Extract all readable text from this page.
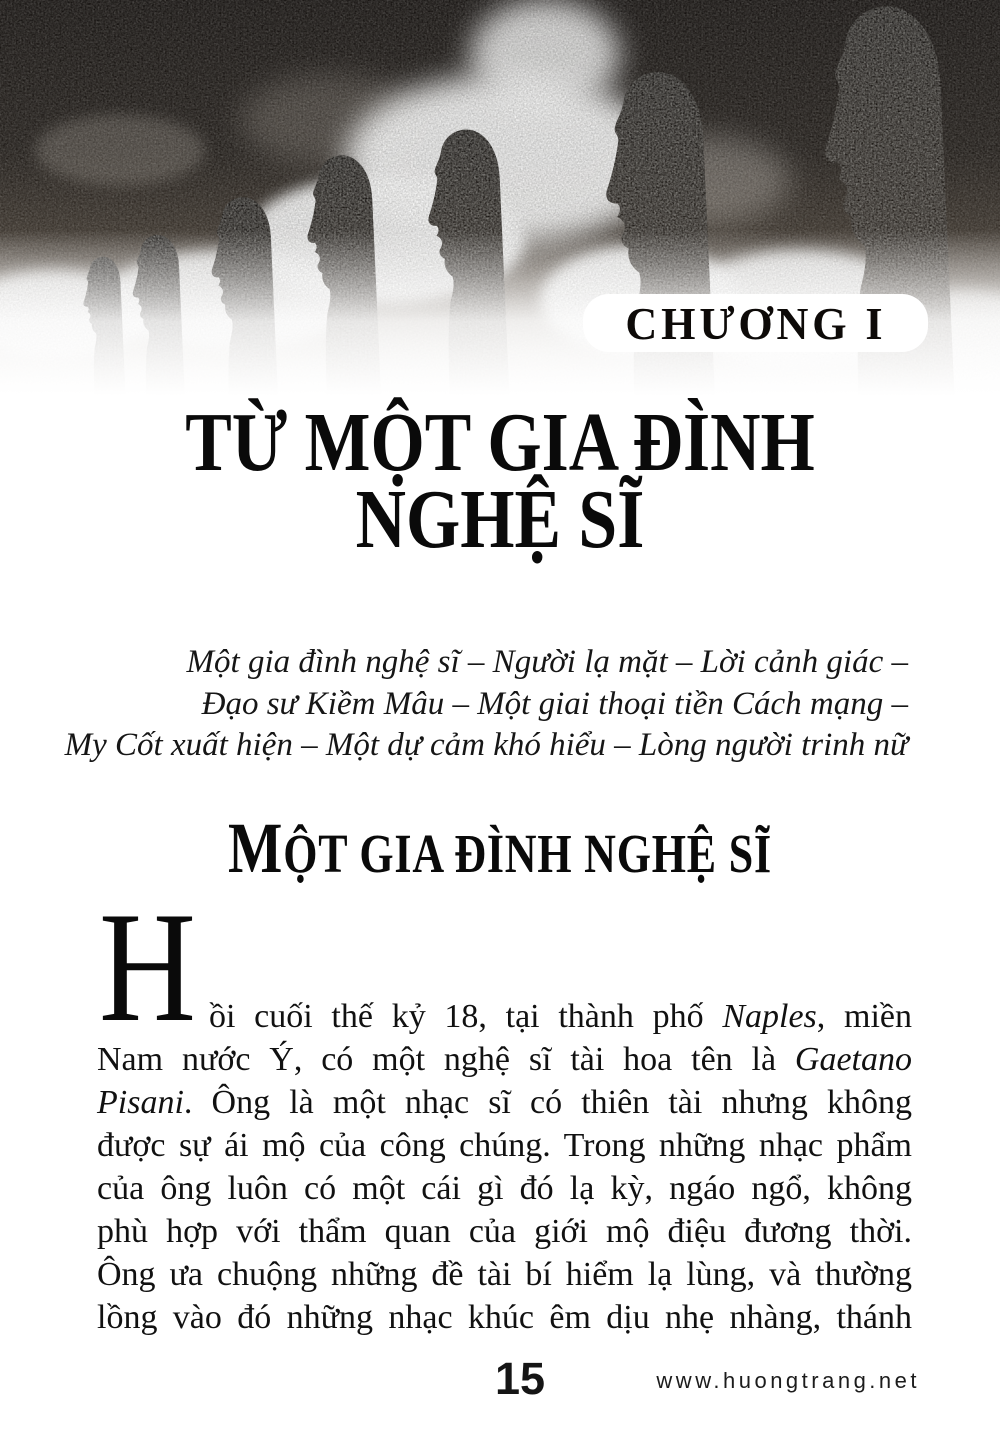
CHƯƠNG I
TỪ MỘT GIA ĐÌNH
NGHỆ SĨ
Một gia đình nghệ sĩ – Người lạ mặt – Lời cảnh giác –
Đạo sư Kiềm Mâu – Một giai thoại tiền Cách mạng –
My Cốt xuất hiện – Một dự cảm khó hiểu – Lòng người trinh nữ
MỘT GIA ĐÌNH NGHỆ SĨ
H ồi cuối thế kỷ 18, tại thành phố Naples, miền
Nam nước Ý, có một nghệ sĩ tài hoa tên là Gaetano
Pisani. Ông là một nhạc sĩ có thiên tài nhưng không
được sự ái mộ của công chúng. Trong những nhạc phẩm
của ông luôn có một cái gì đó lạ kỳ, ngáo ngổ, không
phù hợp với thẩm quan của giới mộ điệu đương thời.
Ông ưa chuộng những đề tài bí hiểm lạ lùng, và thường
lồng vào đó những nhạc khúc êm dịu nhẹ nhàng, thánh
15	www.huongtrang.net
